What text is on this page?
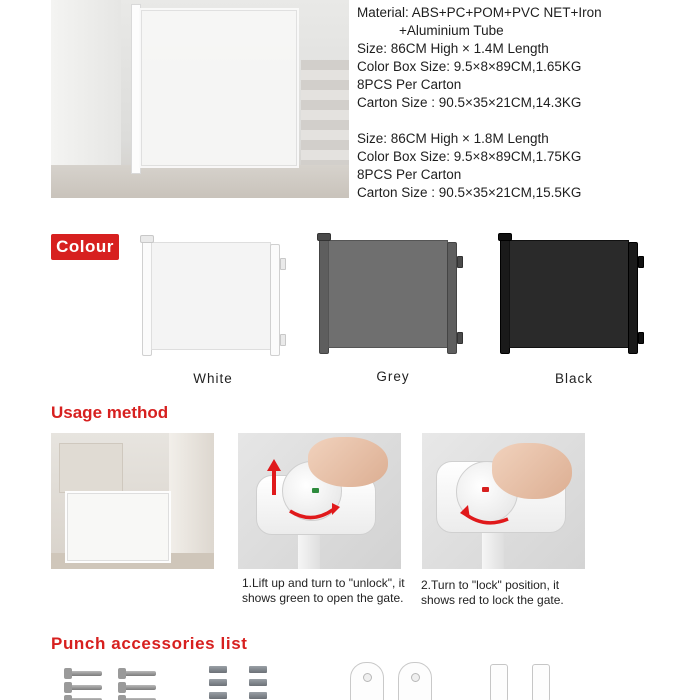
Material: ABS+PC+POM+PVC NET+Iron
+Aluminium Tube
Size: 86CM High × 1.4M Length
Color Box Size: 9.5×8×89CM,1.65KG
8PCS Per Carton
Carton Size : 90.5×35×21CM,14.3KG
Size: 86CM High × 1.8M Length
Color Box Size: 9.5×8×89CM,1.75KG
8PCS Per Carton
Carton Size : 90.5×35×21CM,15.5KG
Colour
White	Grey	Black
Usage method
1.Lift up and turn to "unlock", it shows green to open the gate.
2.Turn to "lock" position, it shows red to lock the gate.
Punch accessories list
